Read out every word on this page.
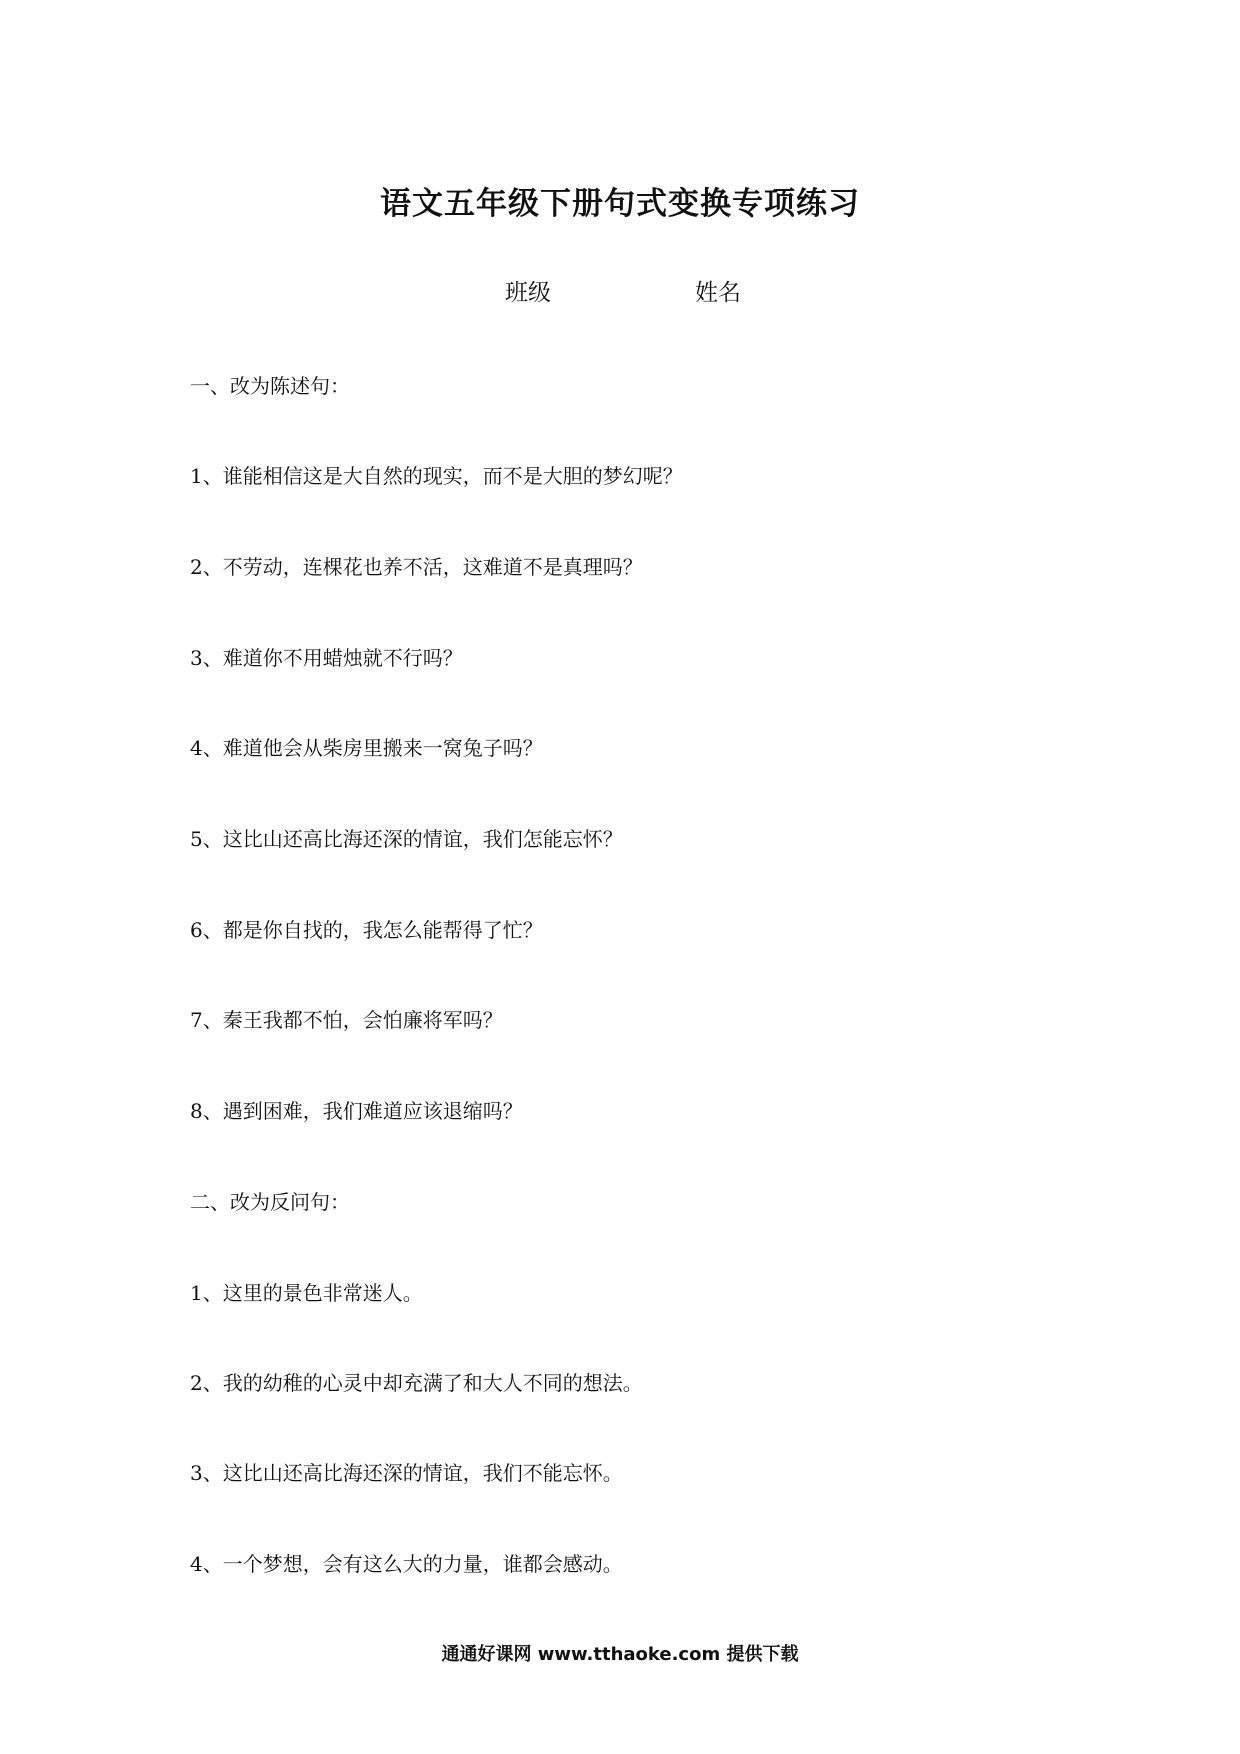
语文五年级下册句式变换专项练习
班级	姓名
一、改为陈述句：
1、谁能相信这是大自然的现实，而不是大胆的梦幻呢？
2、不劳动，连棵花也养不活，这难道不是真理吗？
3、难道你不用蜡烛就不行吗？
4、难道他会从柴房里搬来一窝兔子吗？
5、这比山还高比海还深的情谊，我们怎能忘怀？
6、都是你自找的，我怎么能帮得了忙？
7、秦王我都不怕，会怕廉将军吗？
8、遇到困难，我们难道应该退缩吗？
二、改为反问句：
1、这里的景色非常迷人。
2、我的幼稚的心灵中却充满了和大人不同的想法。
3、这比山还高比海还深的情谊，我们不能忘怀。
4、一个梦想，会有这么大的力量，谁都会感动。
通通好课网 www.tthaoke.com 提供下载
